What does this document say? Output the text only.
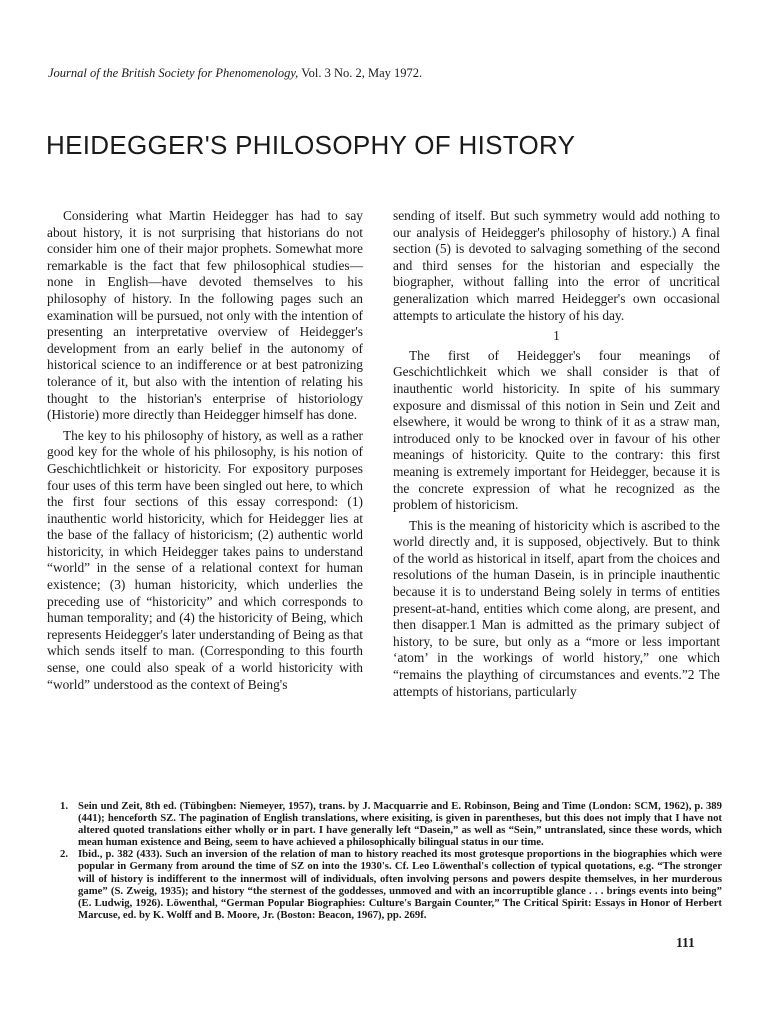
Journal of the British Society for Phenomenology, Vol. 3 No. 2, May 1972.
HEIDEGGER'S PHILOSOPHY OF HISTORY

Considering what Martin Heidegger has had to say about history, it is not surprising that historians do not consider him one of their major prophets. Somewhat more remarkable is the fact that few philosophical studies—none in English—have devoted themselves to his philosophy of history. In the following pages such an examination will be pursued, not only with the intention of presenting an interpretative overview of Heidegger's development from an early belief in the autonomy of historical science to an indifference or at best patronizing tolerance of it, but also with the intention of relating his thought to the historian's enterprise of historiology (Historie) more directly than Heidegger himself has done.

The key to his philosophy of history, as well as a rather good key for the whole of his philosophy, is his notion of Geschichtlichkeit or historicity. For expository purposes four uses of this term have been singled out here, to which the first four sections of this essay correspond: (1) inauthentic world historicity, which for Heidegger lies at the base of the fallacy of historicism; (2) authentic world historicity, in which Heidegger takes pains to understand “world” in the sense of a relational context for human existence; (3) human historicity, which underlies the preceding use of “historicity” and which corresponds to human temporality; and (4) the historicity of Being, which represents Heidegger's later understanding of Being as that which sends itself to man. (Corresponding to this fourth sense, one could also speak of a world historicity with “world” understood as the context of Being's

sending of itself. But such symmetry would add nothing to our analysis of Heidegger's philosophy of history.) A final section (5) is devoted to salvaging something of the second and third senses for the historian and especially the biographer, without falling into the error of uncritical generalization which marred Heidegger's own occasional attempts to articulate the history of his day.

1

The first of Heidegger's four meanings of Geschichtlichkeit which we shall consider is that of inauthentic world historicity. In spite of his summary exposure and dismissal of this notion in Sein und Zeit and elsewhere, it would be wrong to think of it as a straw man, introduced only to be knocked over in favour of his other meanings of historicity. Quite to the contrary: this first meaning is extremely important for Heidegger, because it is the concrete expression of what he recognized as the problem of historicism.

This is the meaning of historicity which is ascribed to the world directly and, it is supposed, objectively. But to think of the world as historical in itself, apart from the choices and resolutions of the human Dasein, is in principle inauthentic because it is to understand Being solely in terms of entities present-at-hand, entities which come along, are present, and then disapper.1 Man is admitted as the primary subject of history, to be sure, but only as a “more or less important ‘atom’ in the workings of world history,” one which “remains the plaything of circumstances and events.”2 The attempts of historians, particularly

1. Sein und Zeit, 8th ed. (Tübingben: Niemeyer, 1957), trans. by J. Macquarrie and E. Robinson, Being and Time (London: SCM, 1962), p. 389 (441); henceforth SZ. The pagination of English translations, where exisiting, is given in parentheses, but this does not imply that I have not altered quoted translations either wholly or in part. I have generally left “Dasein,” as well as “Sein,” untranslated, since these words, which mean human existence and Being, seem to have achieved a philosophically bilingual status in our time.
2. Ibid., p. 382 (433). Such an inversion of the relation of man to history reached its most grotesque proportions in the biographies which were popular in Germany from around the time of SZ on into the 1930's. Cf. Leo Löwenthal's collection of typical quotations, e.g. “The stronger will of history is indifferent to the innermost will of individuals, often involving persons and powers despite themselves, in her murderous game” (S. Zweig, 1935); and history “the sternest of the goddesses, unmoved and with an incorruptible glance . . . brings events into being” (E. Ludwig, 1926). Löwenthal, “German Popular Biographies: Culture's Bargain Counter,” The Critical Spirit: Essays in Honor of Herbert Marcuse, ed. by K. Wolff and B. Moore, Jr. (Boston: Beacon, 1967), pp. 269f.
111
